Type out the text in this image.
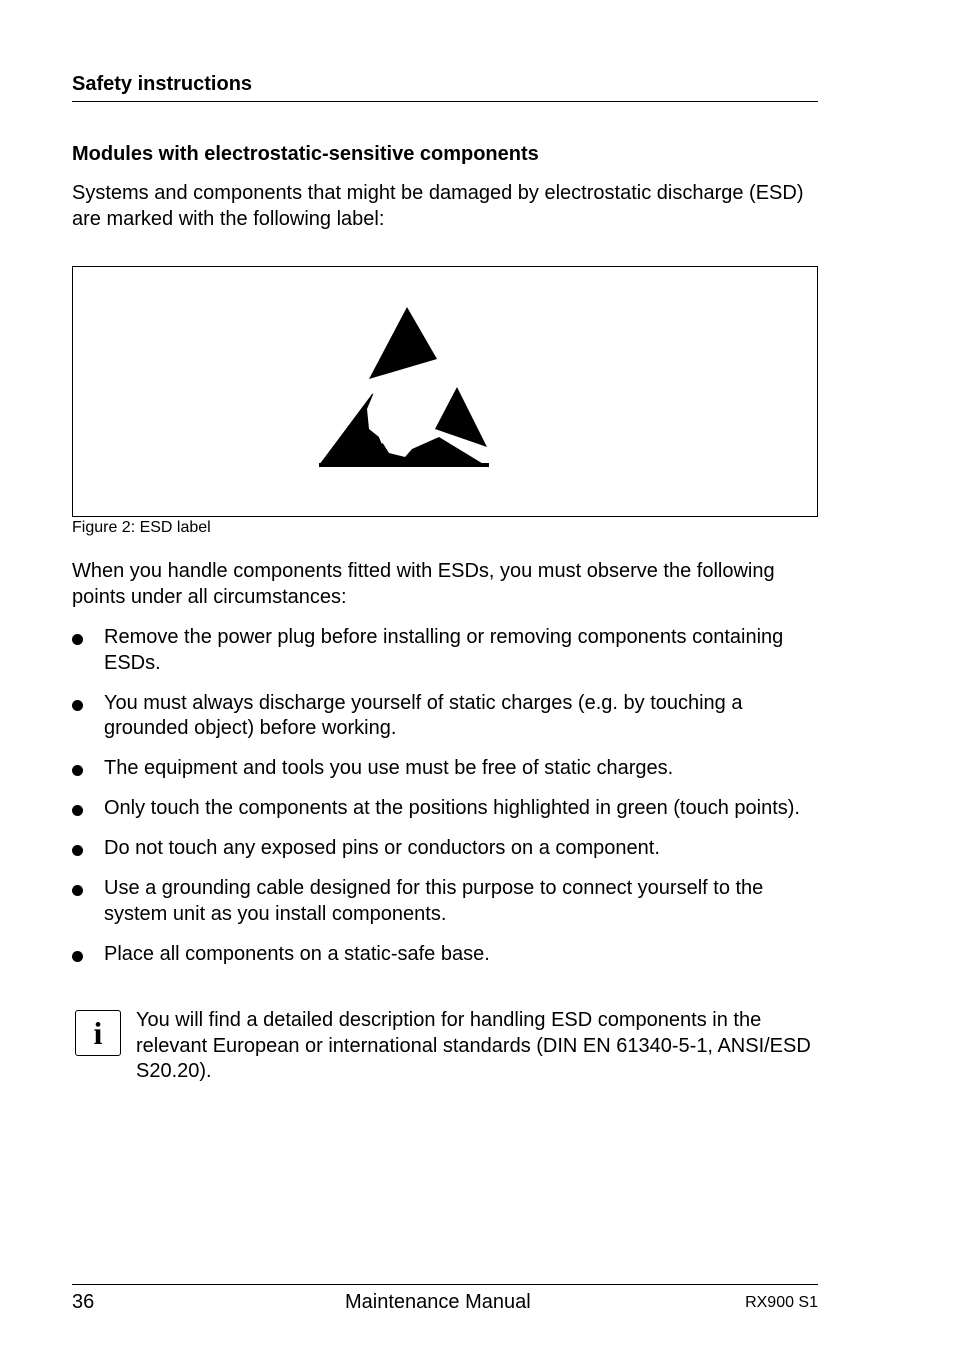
Safety instructions
Modules with electrostatic-sensitive components

Systems and components that might be damaged by electrostatic discharge (ESD) are marked with the following label:

Figure 2: ESD label

When you handle components fitted with ESDs, you must observe the following points under all circumstances:

Remove the power plug before installing or removing components containing ESDs.
You must always discharge yourself of static charges (e.g. by touching a grounded object) before working.
The equipment and tools you use must be free of static charges.
Only touch the components at the positions highlighted in green (touch points).
Do not touch any exposed pins or conductors on a component.
Use a grounding cable designed for this purpose to connect yourself to the system unit as you install components.
Place all components on a static-safe base.
i	You will find a detailed description for handling ESD components in the relevant European or international standards (DIN EN 61340-5-1, ANSI/ESD S20.20).
36	Maintenance Manual	RX900 S1
